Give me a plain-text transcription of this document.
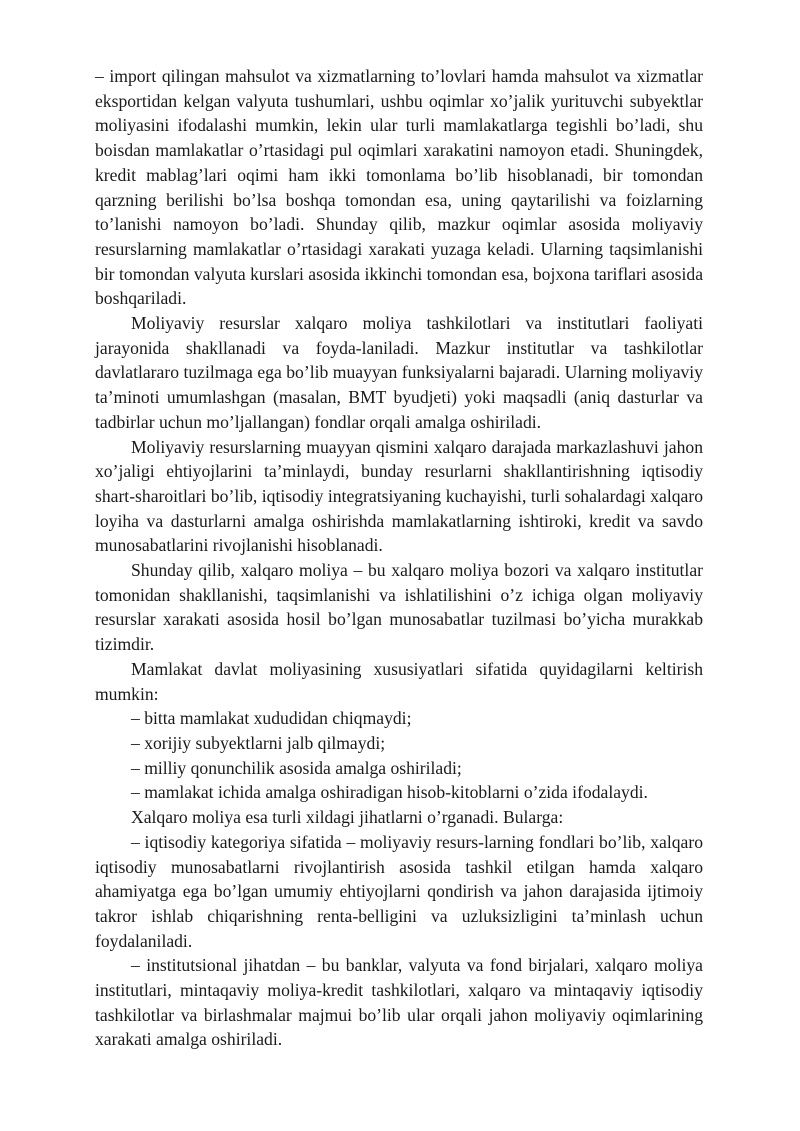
– import qilingan mahsulot va xizmatlarning to’lovlari hamda mahsulot va xizmatlar eksportidan kelgan valyuta tushumlari, ushbu oqimlar xo’jalik yurituvchi subyektlar moliyasini ifodalashi mumkin, lekin ular turli mamlakatlarga tegishli bo’ladi, shu boisdan mamlakatlar o’rtasidagi pul oqimlari xarakatini namoyon etadi. Shuningdek, kredit mablag’lari oqimi ham ikki tomonlama bo’lib hisoblanadi, bir tomondan qarzning berilishi bo’lsa boshqa tomondan esa, uning qaytarilishi va foizlarning to’lanishi namoyon bo’ladi. Shunday qilib, mazkur oqimlar asosida moliyaviy resurslarning mamlakatlar o’rtasidagi xarakati yuzaga keladi. Ularning taqsimlanishi bir tomondan valyuta kurslari asosida ikkinchi tomondan esa, bojxona tariflari asosida boshqariladi.

Moliyaviy resurslar xalqaro moliya tashkilotlari va institutlari faoliyati jarayonida shakllanadi va foyda-laniladi. Mazkur institutlar va tashkilotlar davlatlararo tuzilmaga ega bo’lib muayyan funksiyalarni bajaradi. Ularning moliyaviy ta’minoti umumlashgan (masalan, BMT byudjeti) yoki maqsadli (aniq dasturlar va tadbirlar uchun mo’ljallangan) fondlar orqali amalga oshiriladi.

Moliyaviy resurslarning muayyan qismini xalqaro darajada markazlashuvi jahon xo’jaligi ehtiyojlarini ta’minlaydi, bunday resurlarni shakllantirishning iqtisodiy shart-sharoitlari bo’lib, iqtisodiy integratsiyaning kuchayishi, turli sohalardagi xalqaro loyiha va dasturlarni amalga oshirishda mamlakatlarning ishtiroki, kredit va savdo munosabatlarini rivojlanishi hisoblanadi.

Shunday qilib, xalqaro moliya – bu xalqaro moliya bozori va xalqaro institutlar tomonidan shakllanishi, taqsimlanishi va ishlatilishini o’z ichiga olgan moliyaviy resurslar xarakati asosida hosil bo’lgan munosabatlar tuzilmasi bo’yicha murakkab tizimdir.

Mamlakat davlat moliyasining xususiyatlari sifatida quyidagilarni keltirish mumkin:

– bitta mamlakat xududidan chiqmaydi;

– xorijiy subyektlarni jalb qilmaydi;

– milliy qonunchilik asosida amalga oshiriladi;

– mamlakat ichida amalga oshiradigan hisob-kitoblarni o’zida ifodalaydi.

Xalqaro moliya esa turli xildagi jihatlarni o’rganadi. Bularga:

– iqtisodiy kategoriya sifatida – moliyaviy resurs-larning fondlari bo’lib, xalqaro iqtisodiy munosabatlarni rivojlantirish asosida tashkil etilgan hamda xalqaro ahamiyatga ega bo’lgan umumiy ehtiyojlarni qondirish va jahon darajasida ijtimoiy takror ishlab chiqarishning renta-belligini va uzluksizligini ta’minlash uchun foydalaniladi.

– institutsional jihatdan – bu banklar, valyuta va fond birjalari, xalqaro moliya institutlari, mintaqaviy moliya-kredit tashkilotlari, xalqaro va mintaqaviy iqtisodiy tashkilotlar va birlashmalar majmui bo’lib ular orqali jahon moliyaviy oqimlarining xarakati amalga oshiriladi.
